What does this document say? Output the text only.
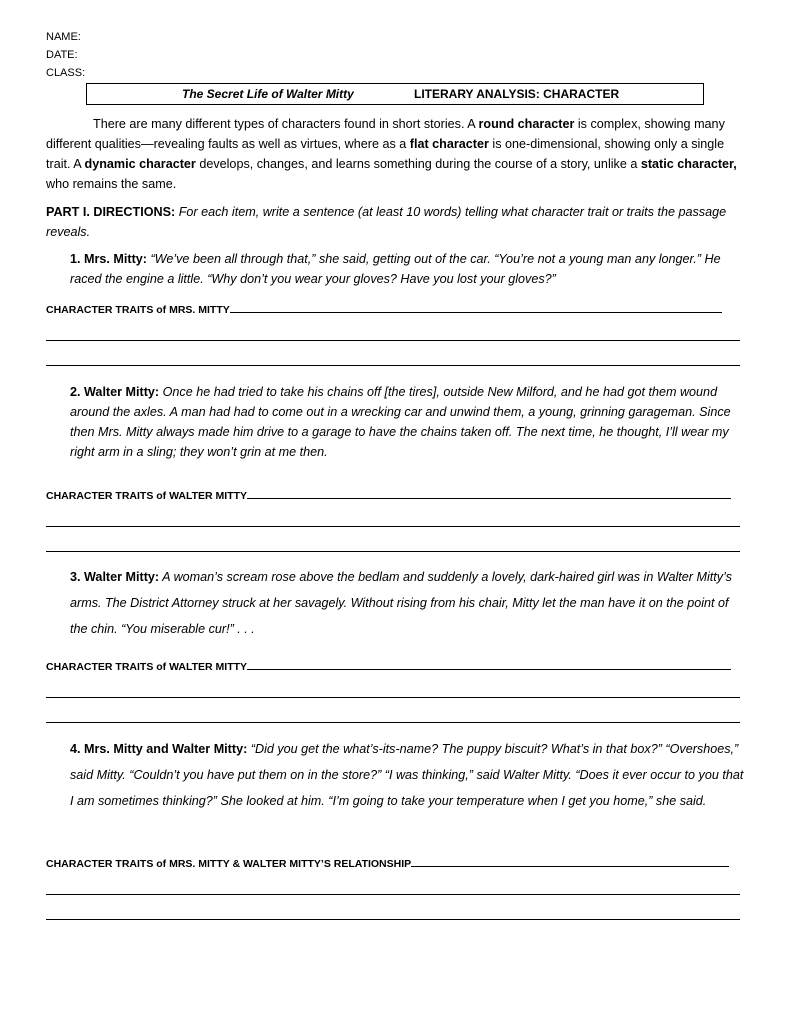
NAME:
DATE:
CLASS:
The Secret Life of Walter Mitty	LITERARY ANALYSIS: CHARACTER
There are many different types of characters found in short stories. A round character is complex, showing many different qualities—revealing faults as well as virtues, where as a flat character is one-dimensional, showing only a single trait. A dynamic character develops, changes, and learns something during the course of a story, unlike a static character, who remains the same.
PART I. DIRECTIONS: For each item, write a sentence (at least 10 words) telling what character trait or traits the passage reveals.
1. Mrs. Mitty: “We’ve been all through that,” she said, getting out of the car. “You’re not a young man any longer.” He raced the engine a little. “Why don’t you wear your gloves? Have you lost your gloves?”
CHARACTER TRAITS of MRS. MITTY
2. Walter Mitty: Once he had tried to take his chains off [the tires], outside New Milford, and he had got them wound around the axles. A man had had to come out in a wrecking car and unwind them, a young, grinning garageman. Since then Mrs. Mitty always made him drive to a garage to have the chains taken off. The next time, he thought, I’ll wear my right arm in a sling; they won’t grin at me then.
CHARACTER TRAITS of WALTER MITTY
3. Walter Mitty: A woman’s scream rose above the bedlam and suddenly a lovely, dark-haired girl was in Walter Mitty’s arms. The District Attorney struck at her savagely. Without rising from his chair, Mitty let the man have it on the point of the chin. “You miserable cur!” . . .
CHARACTER TRAITS of WALTER MITTY
4. Mrs. Mitty and Walter Mitty: “Did you get the what’s-its-name? The puppy biscuit? What’s in that box?” “Overshoes,” said Mitty. “Couldn’t you have put them on in the store?” “I was thinking,” said Walter Mitty. “Does it ever occur to you that I am sometimes thinking?” She looked at him. “I’m going to take your temperature when I get you home,” she said.
CHARACTER TRAITS of MRS. MITTY & WALTER MITTY’S RELATIONSHIP
